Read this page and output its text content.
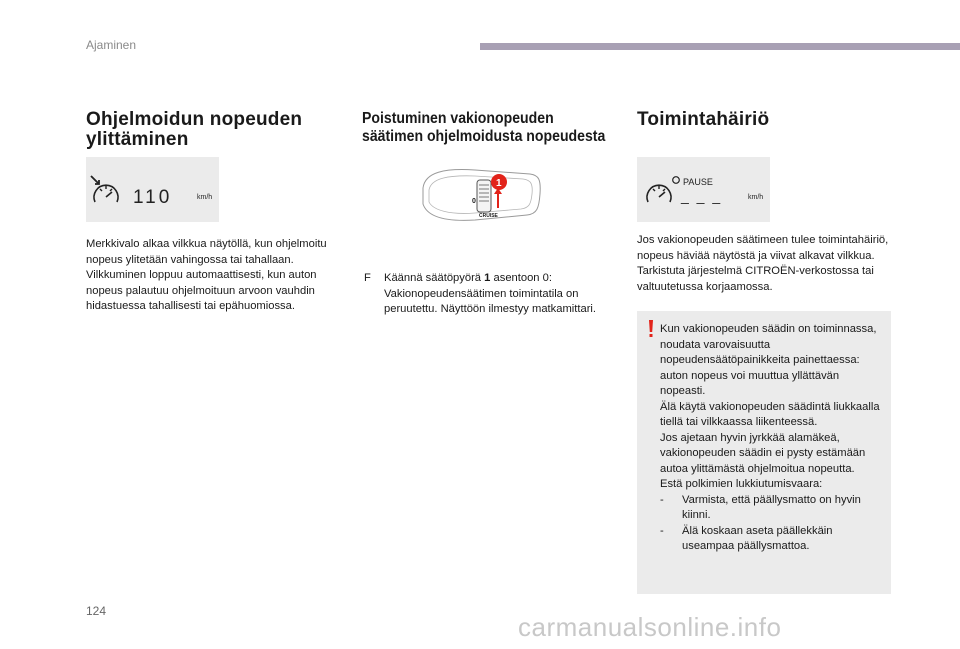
Ajaminen
Ohjelmoidun nopeuden
ylittäminen
110	km/h

Merkkivalo alkaa vilkkua näytöllä, kun ohjelmoitu nopeus ylitetään vahingossa tai tahallaan. Vilkkuminen loppuu automaattisesti, kun auton nopeus palautuu ohjelmoituun arvoon vauhdin hidastuessa tahallisesti tai epähuomiossa.

Poistuminen vakionopeuden
säätimen ohjelmoidusta nopeudesta
0
CRUISE
1
F	Käännä säätöpyörä 1 asentoon 0: Vakionopeudensäätimen toimintatila on peruutettu. Näyttöön ilmestyy matkamittari.
Toimintahäiriö
PAUSE
_ _ _	km/h

Jos vakionopeuden säätimeen tulee toimintahäiriö, nopeus häviää näytöstä ja viivat alkavat vilkkua. Tarkistuta järjestelmä CITROËN-verkostossa tai valtuutetussa korjaamossa.

Kun vakionopeuden säädin on toiminnassa, noudata varovaisuutta nopeudensäätöpainikkeita painettaessa: auton nopeus voi muuttua yllättävän nopeasti.

Älä käytä vakionopeuden säädintä liukkaalla tiellä tai vilkkaassa liikenteessä.

Jos ajetaan hyvin jyrkkää alamäkeä, vakionopeuden säädin ei pysty estämään autoa ylittämästä ohjelmoitua nopeutta.

Estä polkimien lukkiutumisvaara:

-	Varmista, että päällysmatto on hyvin kiinni.
-	Älä koskaan aseta päällekkäin useampaa päällysmattoa.
124
carmanualsonline.info
